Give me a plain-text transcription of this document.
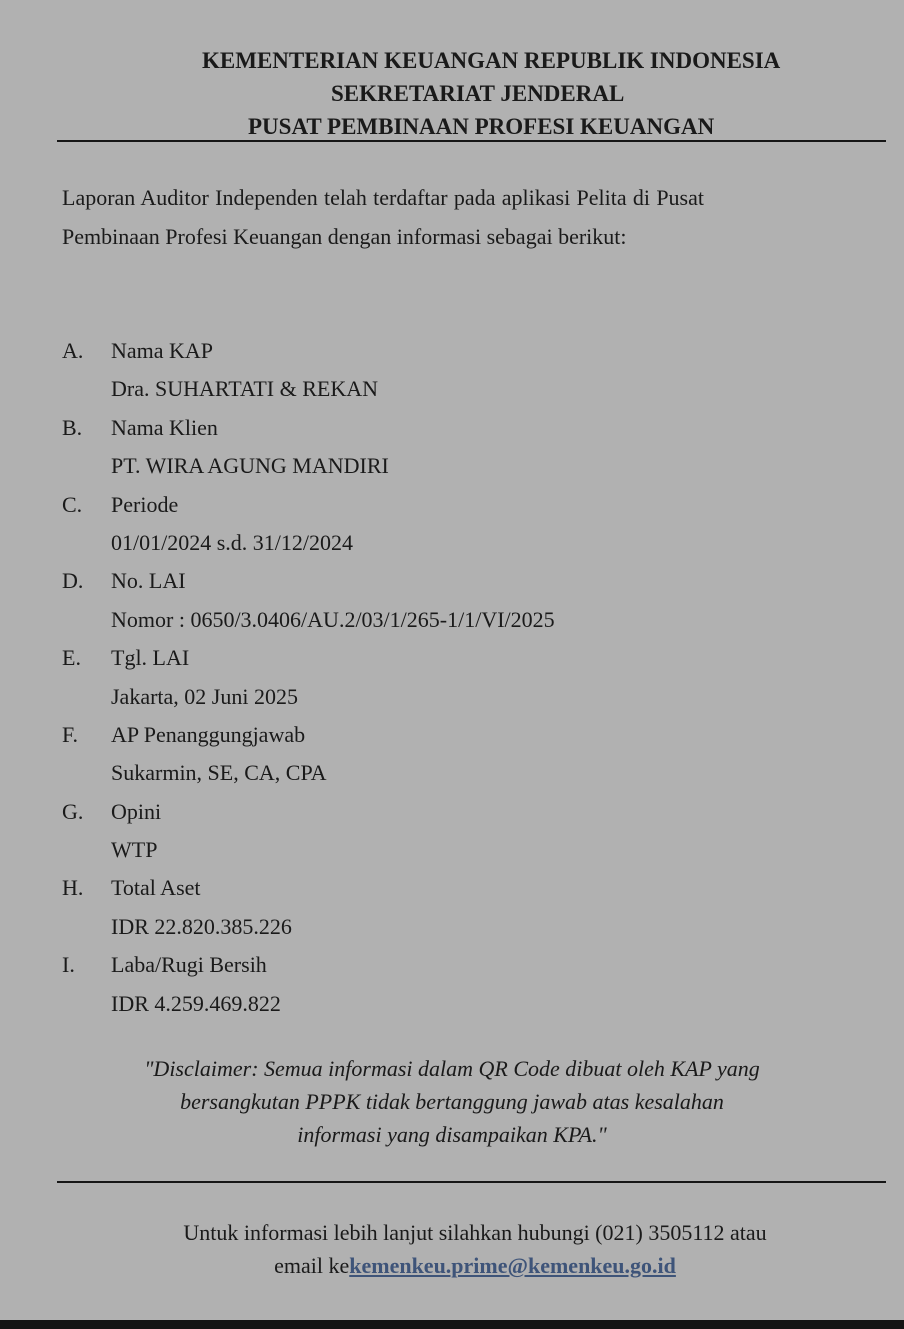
KEMENTERIAN KEUANGAN REPUBLIK INDONESIA
SEKRETARIAT JENDERAL
PUSAT PEMBINAAN PROFESI KEUANGAN
Laporan Auditor Independen telah terdaftar pada aplikasi Pelita di Pusat Pembinaan Profesi Keuangan dengan informasi sebagai berikut:
A. Nama KAP
Dra. SUHARTATI & REKAN
B. Nama Klien
PT. WIRA AGUNG MANDIRI
C. Periode
01/01/2024 s.d. 31/12/2024
D. No. LAI
Nomor : 0650/3.0406/AU.2/03/1/265-1/1/VI/2025
E. Tgl. LAI
Jakarta, 02 Juni 2025
F. AP Penanggungjawab
Sukarmin, SE, CA, CPA
G. Opini
WTP
H. Total Aset
IDR 22.820.385.226
I. Laba/Rugi Bersih
IDR 4.259.469.822
"Disclaimer: Semua informasi dalam QR Code dibuat oleh KAP yang
bersangkutan PPPK tidak bertanggung jawab atas kesalahan
informasi yang disampaikan KPA."
Untuk informasi lebih lanjut silahkan hubungi (021) 3505112 atau
email kekemenkeu.prime@kemenkeu.go.id
